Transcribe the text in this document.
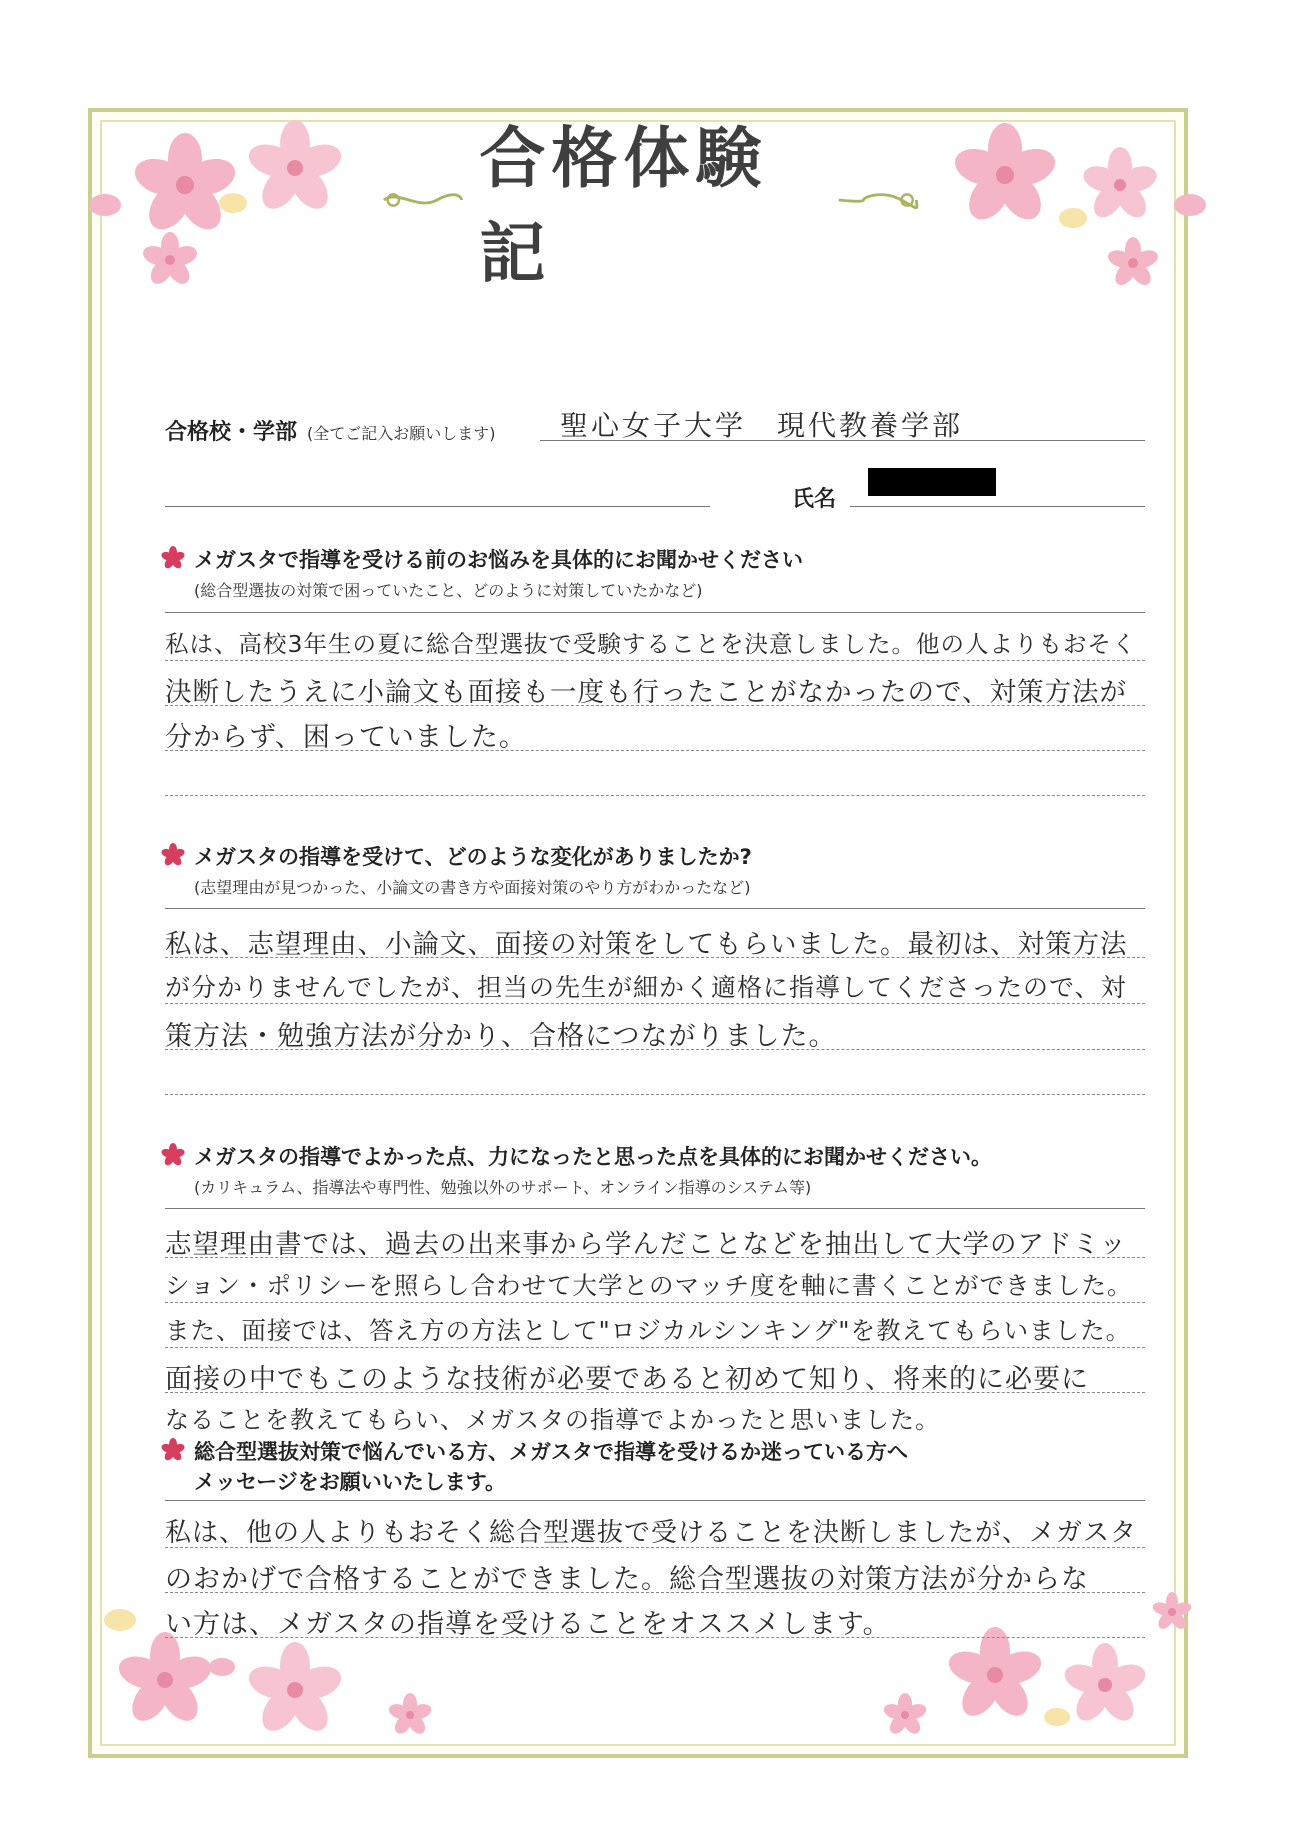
合格体験記
合格校・学部 (全てご記入お願いします) 聖心女子大学　現代教養学部
氏名
メガスタで指導を受ける前のお悩みを具体的にお聞かせください
(総合型選抜の対策で困っていたこと、どのように対策していたかなど)
私は、高校3年生の夏に総合型選抜で受験することを決意しました。他の人よりもおそく
決断したうえに小論文も面接も一度も行ったことがなかったので、対策方法が
分からず、困っていました。
メガスタの指導を受けて、どのような変化がありましたか?
(志望理由が見つかった、小論文の書き方や面接対策のやり方がわかったなど)
私は、志望理由、小論文、面接の対策をしてもらいました。最初は、対策方法
が分かりませんでしたが、担当の先生が細かく適格に指導してくださったので、対
策方法・勉強方法が分かり、合格につながりました。
メガスタの指導でよかった点、力になったと思った点を具体的にお聞かせください。
(カリキュラム、指導法や専門性、勉強以外のサポート、オンライン指導のシステム等)
志望理由書では、過去の出来事から学んだことなどを抽出して大学のアドミッ
ション・ポリシーを照らし合わせて大学とのマッチ度を軸に書くことができました。
また、面接では、答え方の方法として"ロジカルシンキング"を教えてもらいました。
面接の中でもこのような技術が必要であると初めて知り、将来的に必要に
なることを教えてもらい、メガスタの指導でよかったと思いました。
総合型選抜対策で悩んでいる方、メガスタで指導を受けるか迷っている方へ
メッセージをお願いいたします。
私は、他の人よりもおそく総合型選抜で受けることを決断しましたが、メガスタ
のおかげで合格することができました。総合型選抜の対策方法が分からな
い方は、メガスタの指導を受けることをオススメします。
